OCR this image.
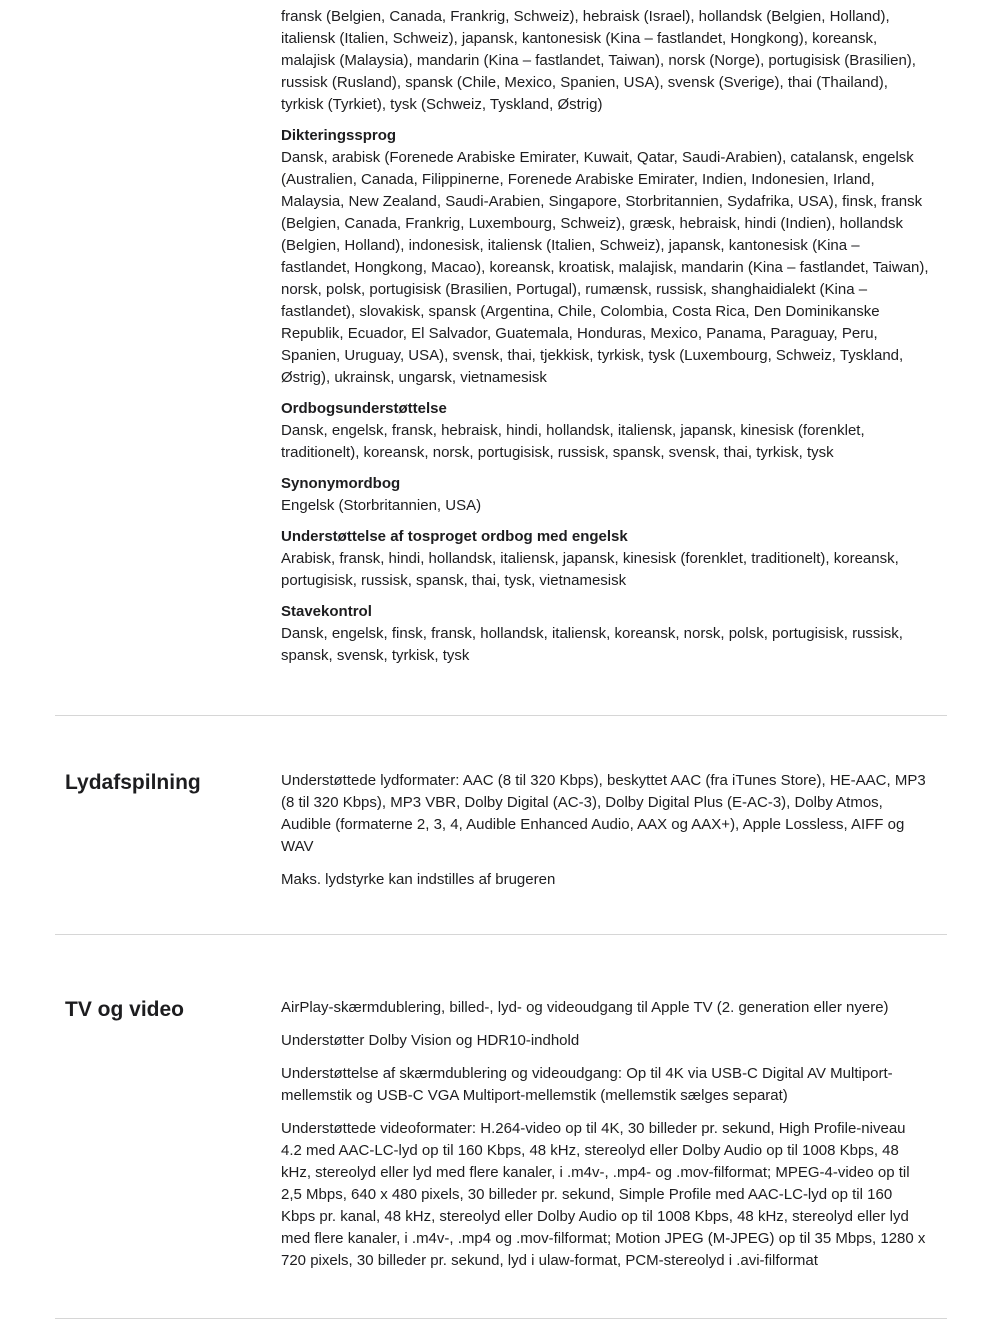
fransk (Belgien, Canada, Frankrig, Schweiz), hebraisk (Israel), hollandsk (Belgien, Holland), italiensk (Italien, Schweiz), japansk, kantonesisk (Kina – fastlandet, Hongkong), koreansk, malajisk (Malaysia), mandarin (Kina – fastlandet, Taiwan), norsk (Norge), portugisisk (Brasilien), russisk (Rusland), spansk (Chile, Mexico, Spanien, USA), svensk (Sverige), thai (Thailand), tyrkisk (Tyrkiet), tysk (Schweiz, Tyskland, Østrig)

Dikteringssprog

Dansk, arabisk (Forenede Arabiske Emirater, Kuwait, Qatar, Saudi-Arabien), catalansk, engelsk (Australien, Canada, Filippinerne, Forenede Arabiske Emirater, Indien, Indonesien, Irland, Malaysia, New Zealand, Saudi-Arabien, Singapore, Storbritannien, Sydafrika, USA), finsk, fransk (Belgien, Canada, Frankrig, Luxembourg, Schweiz), græsk, hebraisk, hindi (Indien), hollandsk (Belgien, Holland), indonesisk, italiensk (Italien, Schweiz), japansk, kantonesisk (Kina – fastlandet, Hongkong, Macao), koreansk, kroatisk, malajisk, mandarin (Kina – fastlandet, Taiwan), norsk, polsk, portugisisk (Brasilien, Portugal), rumænsk, russisk, shanghaidialekt (Kina – fastlandet), slovakisk, spansk (Argentina, Chile, Colombia, Costa Rica, Den Dominikanske Republik, Ecuador, El Salvador, Guatemala, Honduras, Mexico, Panama, Paraguay, Peru, Spanien, Uruguay, USA), svensk, thai, tjekkisk, tyrkisk, tysk (Luxembourg, Schweiz, Tyskland, Østrig), ukrainsk, ungarsk, vietnamesisk

Ordbogsunderstøttelse

Dansk, engelsk, fransk, hebraisk, hindi, hollandsk, italiensk, japansk, kinesisk (forenklet, traditionelt), koreansk, norsk, portugisisk, russisk, spansk, svensk, thai, tyrkisk, tysk

Synonymordbog

Engelsk (Storbritannien, USA)

Understøttelse af tosproget ordbog med engelsk

Arabisk, fransk, hindi, hollandsk, italiensk, japansk, kinesisk (forenklet, traditionelt), koreansk, portugisisk, russisk, spansk, thai, tysk, vietnamesisk

Stavekontrol

Dansk, engelsk, finsk, fransk, hollandsk, italiensk, koreansk, norsk, polsk, portugisisk, russisk, spansk, svensk, tyrkisk, tysk

Lydafspilning	Understøttede lydformater: AAC (8 til 320 Kbps), beskyttet AAC (fra iTunes Store), HE-AAC, MP3 (8 til 320 Kbps), MP3 VBR, Dolby Digital (AC-3), Dolby Digital Plus (E-AC-3), Dolby Atmos, Audible (formaterne 2, 3, 4, Audible Enhanced Audio, AAX og AAX+), Apple Lossless, AIFF og WAV

Maks. lydstyrke kan indstilles af brugeren

TV og video	AirPlay-skærmdublering, billed-, lyd- og videoudgang til Apple TV (2. generation eller nyere)

Understøtter Dolby Vision og HDR10-indhold

Understøttelse af skærmdublering og videoudgang: Op til 4K via USB-C Digital AV Multiport-mellemstik og USB-C VGA Multiport-mellemstik (mellemstik sælges separat)

Understøttede videoformater: H.264-video op til 4K, 30 billeder pr. sekund, High Profile-niveau 4.2 med AAC-LC-lyd op til 160 Kbps, 48 kHz, stereolyd eller Dolby Audio op til 1008 Kbps, 48 kHz, stereolyd eller lyd med flere kanaler, i .m4v-, .mp4- og .mov-filformat; MPEG-4-video op til 2,5 Mbps, 640 x 480 pixels, 30 billeder pr. sekund, Simple Profile med AAC-LC-lyd op til 160 Kbps pr. kanal, 48 kHz, stereolyd eller Dolby Audio op til 1008 Kbps, 48 kHz, stereolyd eller lyd med flere kanaler, i .m4v-, .mp4 og .mov-filformat; Motion JPEG (M-JPEG) op til 35 Mbps, 1280 x 720 pixels, 30 billeder pr. sekund, lyd i ulaw-format, PCM-stereolyd i .avi-filformat
